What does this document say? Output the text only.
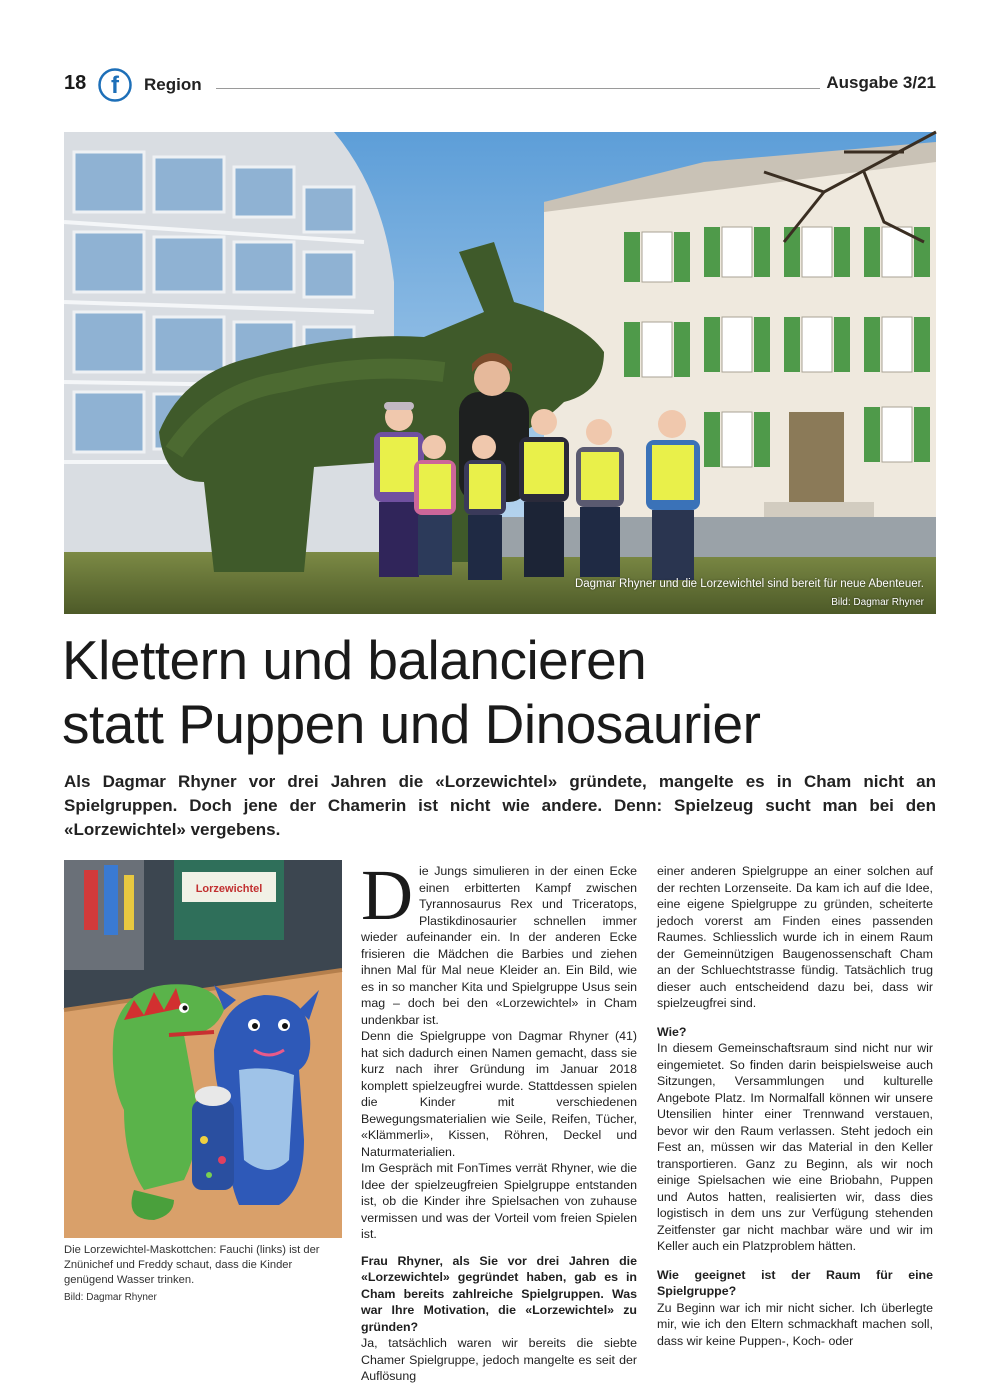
18 f Region	Ausgabe 3/21
Dagmar Rhyner und die Lorzewichtel sind bereit für neue Abenteuer.
Bild: Dagmar Rhyner
Klettern und balancieren
statt Puppen und Dinosaurier

Als Dagmar Rhyner vor drei Jahren die «Lorzewichtel» gründete, mangelte es in Cham nicht an Spielgruppen. Doch jene der Chamerin ist nicht wie andere. Denn: Spielzeug sucht man bei den «Lorzewichtel» vergebens.

Lorzewichtel

Die Lorzewichtel-Maskottchen: Fauchi (links) ist der Znünichef und Freddy schaut, dass die Kinder genügend Wasser trinken.

Bild: Dagmar Rhyner

D ie Jungs simulieren in der einen Ecke einen erbitterten Kampf zwischen Tyrannosaurus Rex und Triceratops, Plastikdinosaurier schnellen immer wieder aufeinander ein. In der anderen Ecke frisieren die Mädchen die Barbies und ziehen ihnen Mal für Mal neue Kleider an. Ein Bild, wie es in so mancher Kita und Spielgruppe Usus sein mag – doch bei den «Lorzewichtel» in Cham undenkbar ist.

Denn die Spielgruppe von Dagmar Rhyner (41) hat sich dadurch einen Namen gemacht, dass sie kurz nach ihrer Gründung im Januar 2018 komplett spielzeugfrei wurde. Stattdessen spielen die Kinder mit verschiedenen Bewegungsmaterialien wie Seile, Reifen, Tücher, «Klämmerli», Kissen, Röhren, Deckel und Naturmaterialien.

Im Gespräch mit FonTimes verrät Rhyner, wie die Idee der spielzeugfreien Spielgruppe entstanden ist, ob die Kinder ihre Spielsachen von zuhause vermissen und was der Vorteil vom freien Spielen ist.

Frau Rhyner, als Sie vor drei Jahren die «Lorzewichtel» gegründet haben, gab es in Cham bereits zahlreiche Spielgruppen. Was war Ihre Motivation, die «Lorzewichtel» zu gründen?

Ja, tatsächlich waren wir bereits die siebte Chamer Spielgruppe, jedoch mangelte es seit der Auflösung

einer anderen Spielgruppe an einer solchen auf der rechten Lorzenseite. Da kam ich auf die Idee, eine eigene Spielgruppe zu gründen, scheiterte jedoch vorerst am Finden eines passenden Raumes. Schliesslich wurde ich in einem Raum der Gemeinnützigen Baugenossenschaft Cham an der Schluechtstrasse fündig. Tatsächlich trug dieser auch entscheidend dazu bei, dass wir spielzeugfrei sind.

Wie?

In diesem Gemeinschaftsraum sind nicht nur wir eingemietet. So finden darin beispielsweise auch Sitzungen, Versammlungen und kulturelle Angebote Platz. Im Normalfall können wir unsere Utensilien hinter einer Trennwand verstauen, bevor wir den Raum verlassen. Steht jedoch ein Fest an, müssen wir das Material in den Keller transportieren. Ganz zu Beginn, als wir noch einige Spielsachen wie eine Briobahn, Puppen und Autos hatten, realisierten wir, dass dies logistisch in dem uns zur Verfügung stehenden Zeitfenster gar nicht machbar wäre und wir im Keller auch ein Platzproblem hätten.

Wie geeignet ist der Raum für eine Spielgruppe?

Zu Beginn war ich mir nicht sicher. Ich überlegte mir, wie ich den Eltern schmackhaft machen soll, dass wir keine Puppen-, Koch- oder
